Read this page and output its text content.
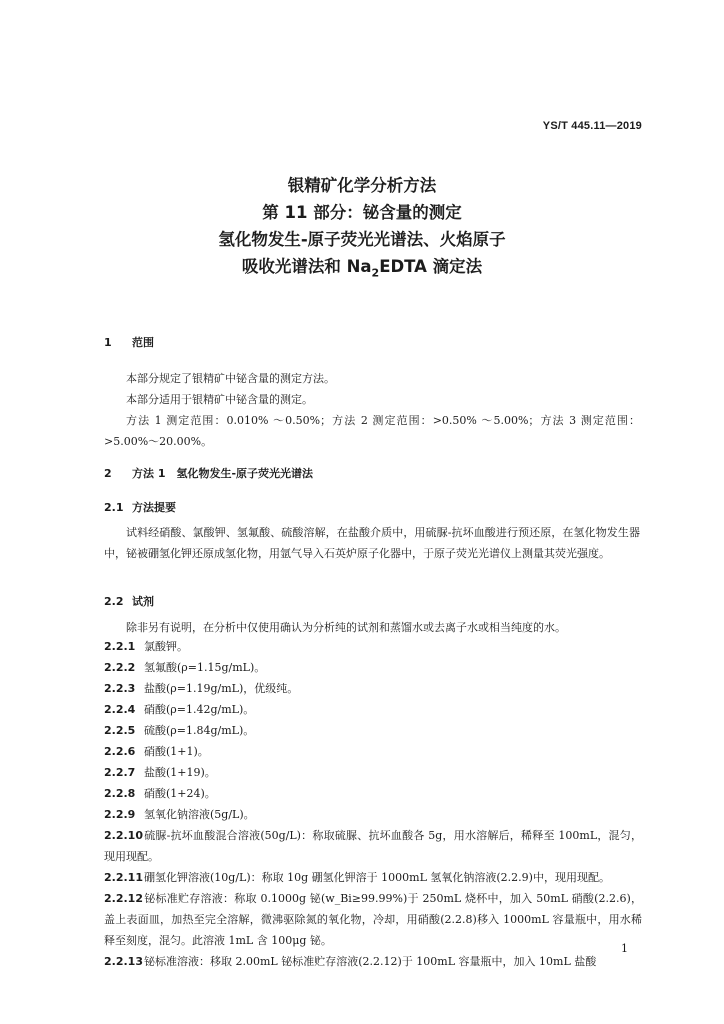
YS/T 445.11—2019
银精矿化学分析方法
第 11 部分：铋含量的测定
氢化物发生-原子荧光光谱法、火焰原子
吸收光谱法和 $Na_2EDTA$ 滴定法
1 范围
本部分规定了银精矿中铋含量的测定方法。
本部分适用于银精矿中铋含量的测定。
方法 1 测定范围：0.010% ～0.50%；方法 2 测定范围：>0.50% ～5.00%；方法 3 测定范围：>5.00%～20.00%。
2 方法 1　氢化物发生-原子荧光光谱法
2.1 方法提要
试料经硝酸、氯酸钾、氢氟酸、硫酸溶解，在盐酸介质中，用硫脲-抗坏血酸进行预还原，在氢化物发生器中，铋被硼氢化钾还原成氢化物，用氩气导入石英炉原子化器中，于原子荧光光谱仪上测量其荧光强度。
2.2 试剂
除非另有说明，在分析中仅使用确认为分析纯的试剂和蒸馏水或去离子水或相当纯度的水。
2.2.1 氯酸钾。
2.2.2 氢氟酸(ρ=1.15g/mL)。
2.2.3 盐酸(ρ=1.19g/mL)，优级纯。
2.2.4 硝酸(ρ=1.42g/mL)。
2.2.5 硫酸(ρ=1.84g/mL)。
2.2.6 硝酸(1+1)。
2.2.7 盐酸(1+19)。
2.2.8 硝酸(1+24)。
2.2.9 氢氧化钠溶液(5g/L)。
2.2.10硫脲-抗坏血酸混合溶液(50g/L)：称取硫脲、抗坏血酸各 5g，用水溶解后，稀释至 100mL，混匀，现用现配。
2.2.11硼氢化钾溶液(10g/L)：称取 10g 硼氢化钾溶于 1000mL 氢氧化钠溶液(2.2.9)中，现用现配。
2.2.12铋标准贮存溶液：称取 0.1000g 铋(w_Bi≥99.99%)于 250mL 烧杯中，加入 50mL 硝酸(2.2.6)，盖上表面皿，加热至完全溶解，微沸驱除氮的氧化物，冷却，用硝酸(2.2.8)移入 1000mL 容量瓶中，用水稀释至刻度，混匀。此溶液 1mL 含 100μg 铋。
2.2.13铋标准溶液：移取 2.00mL 铋标准贮存溶液(2.2.12)于 100mL 容量瓶中，加入 10mL 盐酸
1
